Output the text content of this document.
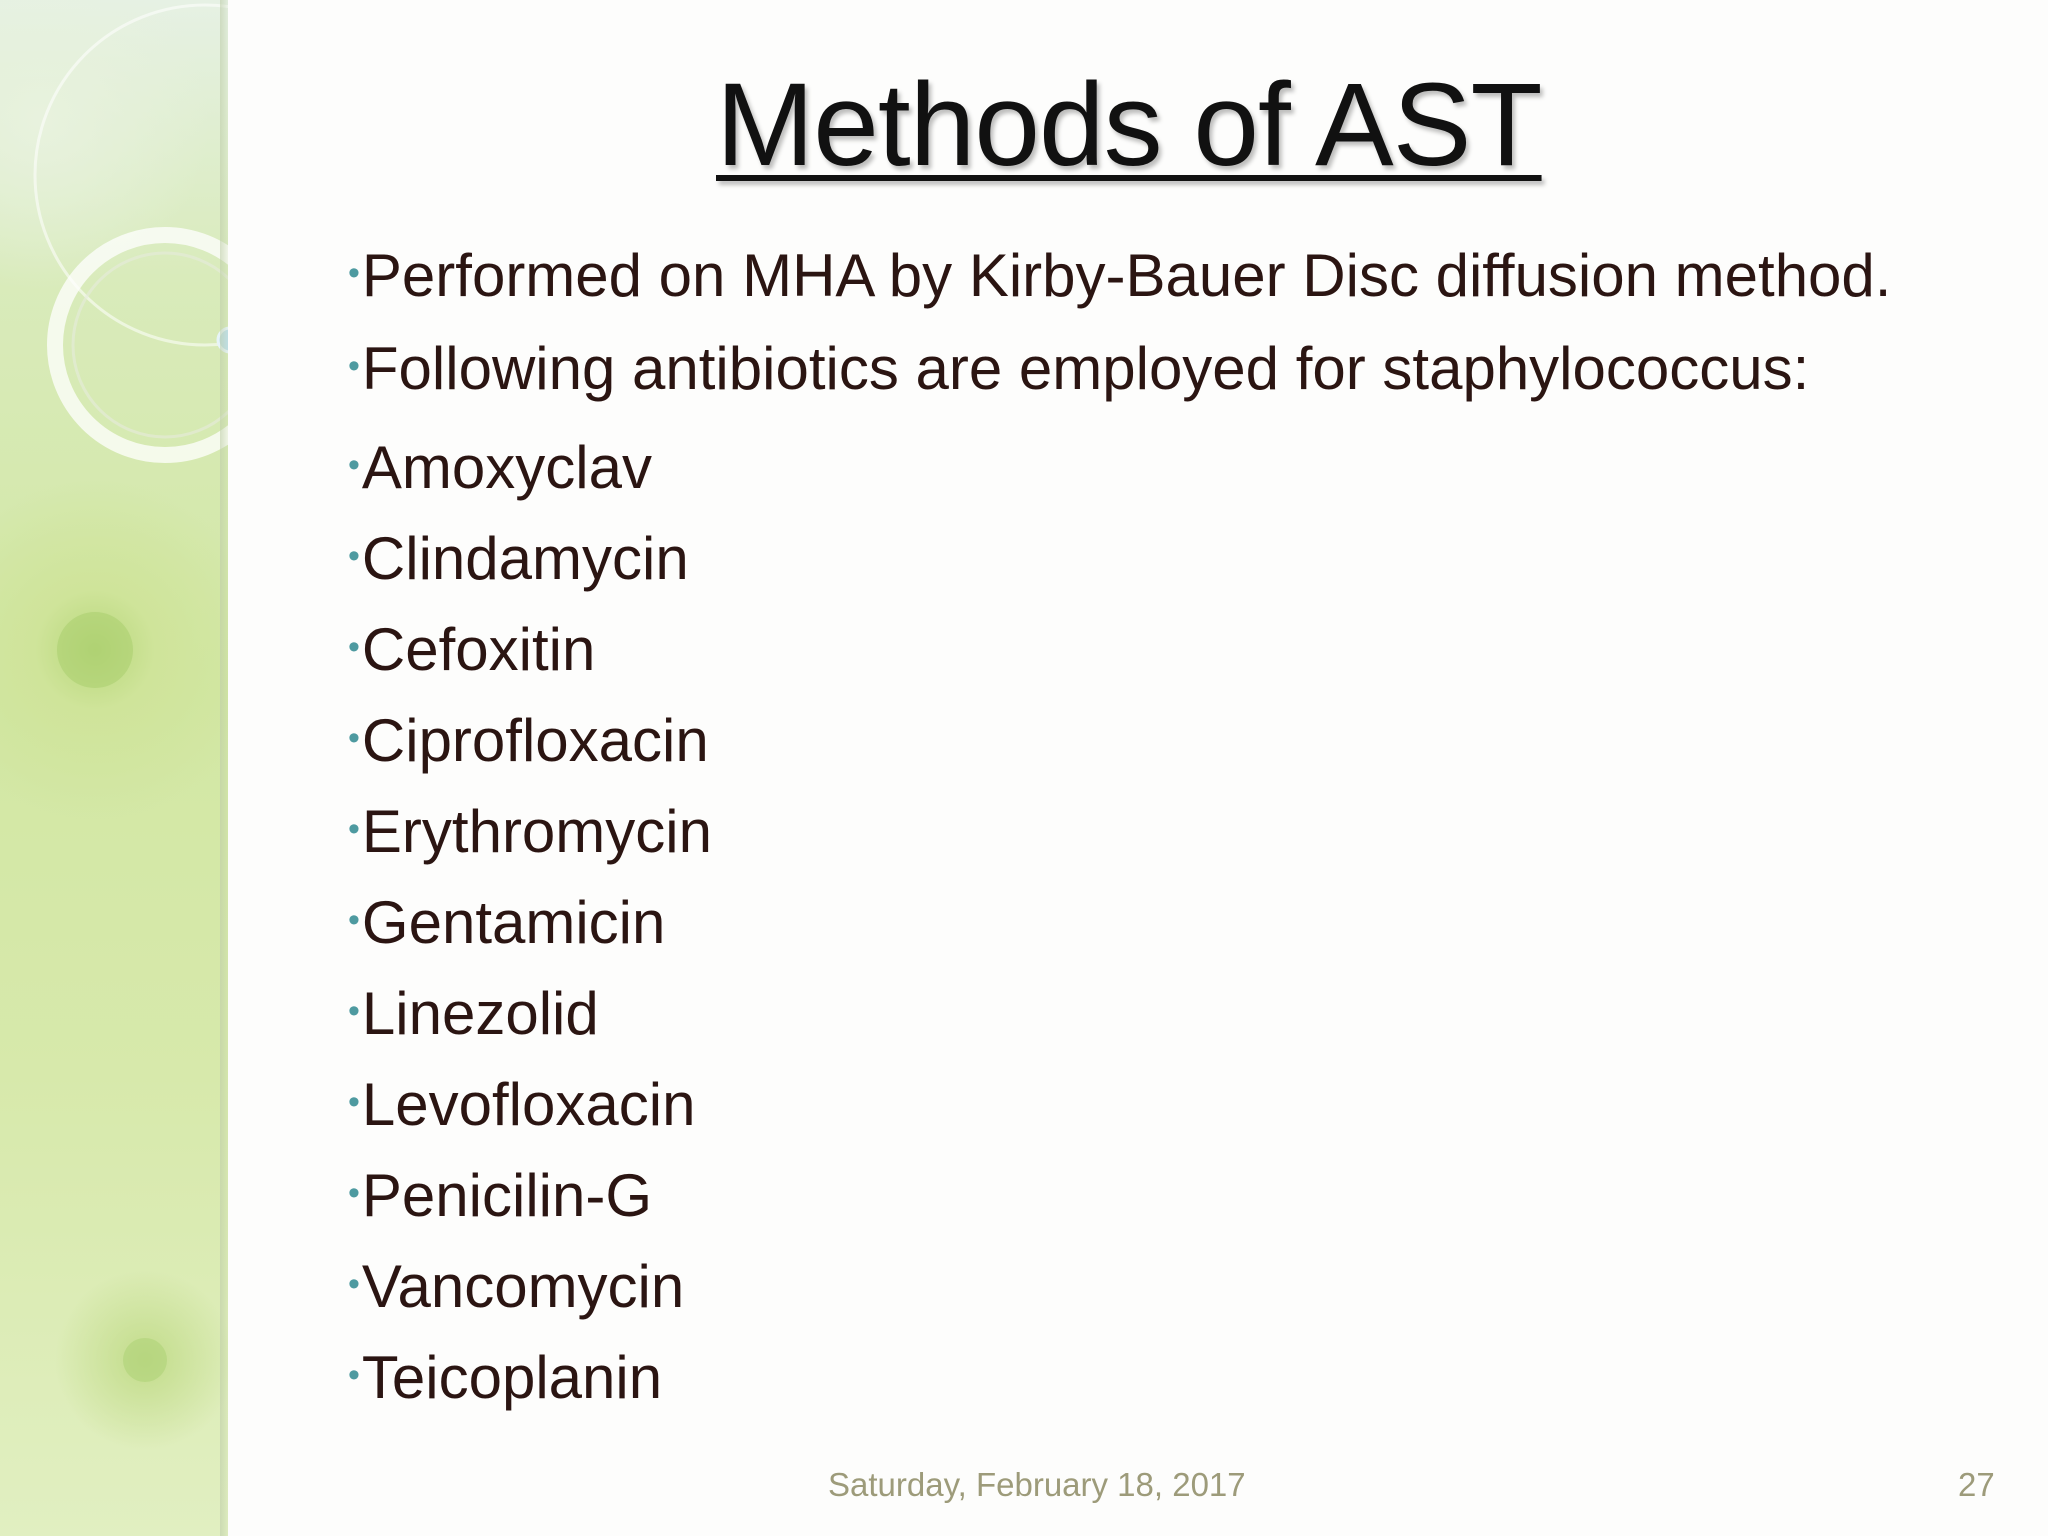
Methods of AST

•Performed on MHA by Kirby-Bauer Disc diffusion method.

•Following antibiotics are employed for staphylococcus:

•Amoxyclav

•Clindamycin

•Cefoxitin

•Ciprofloxacin

•Erythromycin

•Gentamicin

•Linezolid

•Levofloxacin

•Penicilin-G

•Vancomycin

•Teicoplanin

Saturday, February 18, 2017	27
